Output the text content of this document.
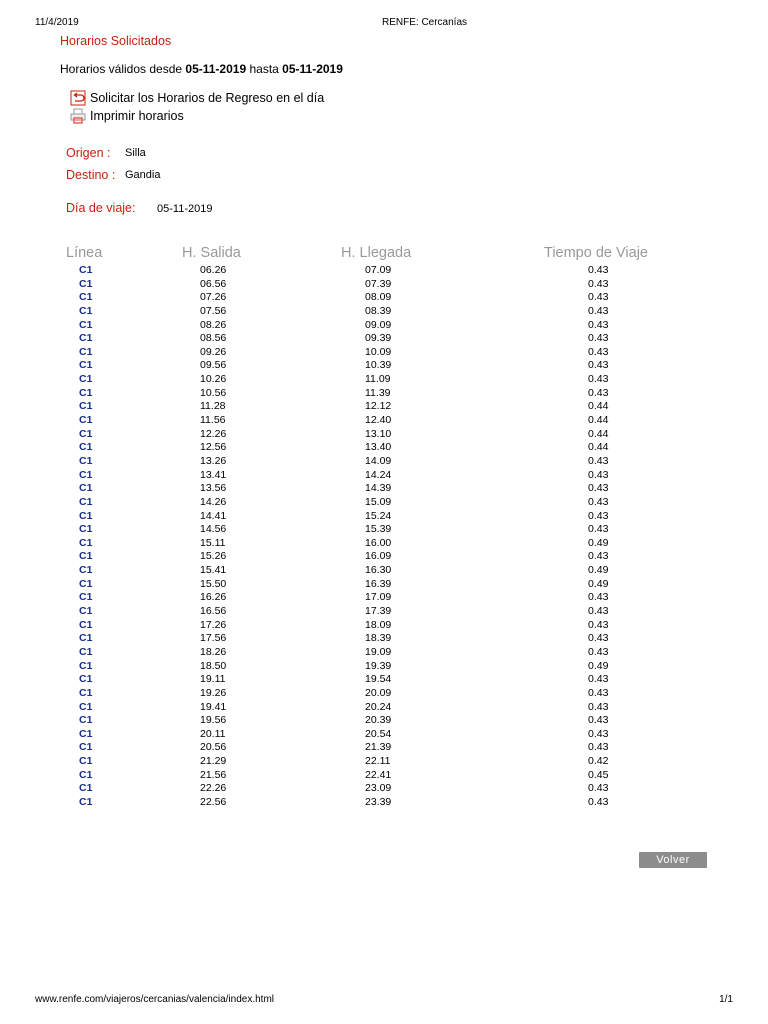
11/4/2019	RENFE: Cercanías
Horarios Solicitados
Horarios válidos desde 05-11-2019 hasta 05-11-2019
Solicitar los Horarios de Regreso en el día
Imprimir horarios
Origen : Silla
Destino : Gandia
Día de viaje: 05-11-2019
Línea	H. Salida	H. Llegada	Tiempo de Viaje
C1	06.26	07.09	0.43
C1	06.56	07.39	0.43
C1	07.26	08.09	0.43
C1	07.56	08.39	0.43
C1	08.26	09.09	0.43
C1	08.56	09.39	0.43
C1	09.26	10.09	0.43
C1	09.56	10.39	0.43
C1	10.26	11.09	0.43
C1	10.56	11.39	0.43
C1	11.28	12.12	0.44
C1	11.56	12.40	0.44
C1	12.26	13.10	0.44
C1	12.56	13.40	0.44
C1	13.26	14.09	0.43
C1	13.41	14.24	0.43
C1	13.56	14.39	0.43
C1	14.26	15.09	0.43
C1	14.41	15.24	0.43
C1	14.56	15.39	0.43
C1	15.11	16.00	0.49
C1	15.26	16.09	0.43
C1	15.41	16.30	0.49
C1	15.50	16.39	0.49
C1	16.26	17.09	0.43
C1	16.56	17.39	0.43
C1	17.26	18.09	0.43
C1	17.56	18.39	0.43
C1	18.26	19.09	0.43
C1	18.50	19.39	0.49
C1	19.11	19.54	0.43
C1	19.26	20.09	0.43
C1	19.41	20.24	0.43
C1	19.56	20.39	0.43
C1	20.11	20.54	0.43
C1	20.56	21.39	0.43
C1	21.29	22.11	0.42
C1	21.56	22.41	0.45
C1	22.26	23.09	0.43
C1	22.56	23.39	0.43
Volver
www.renfe.com/viajeros/cercanias/valencia/index.html	1/1
